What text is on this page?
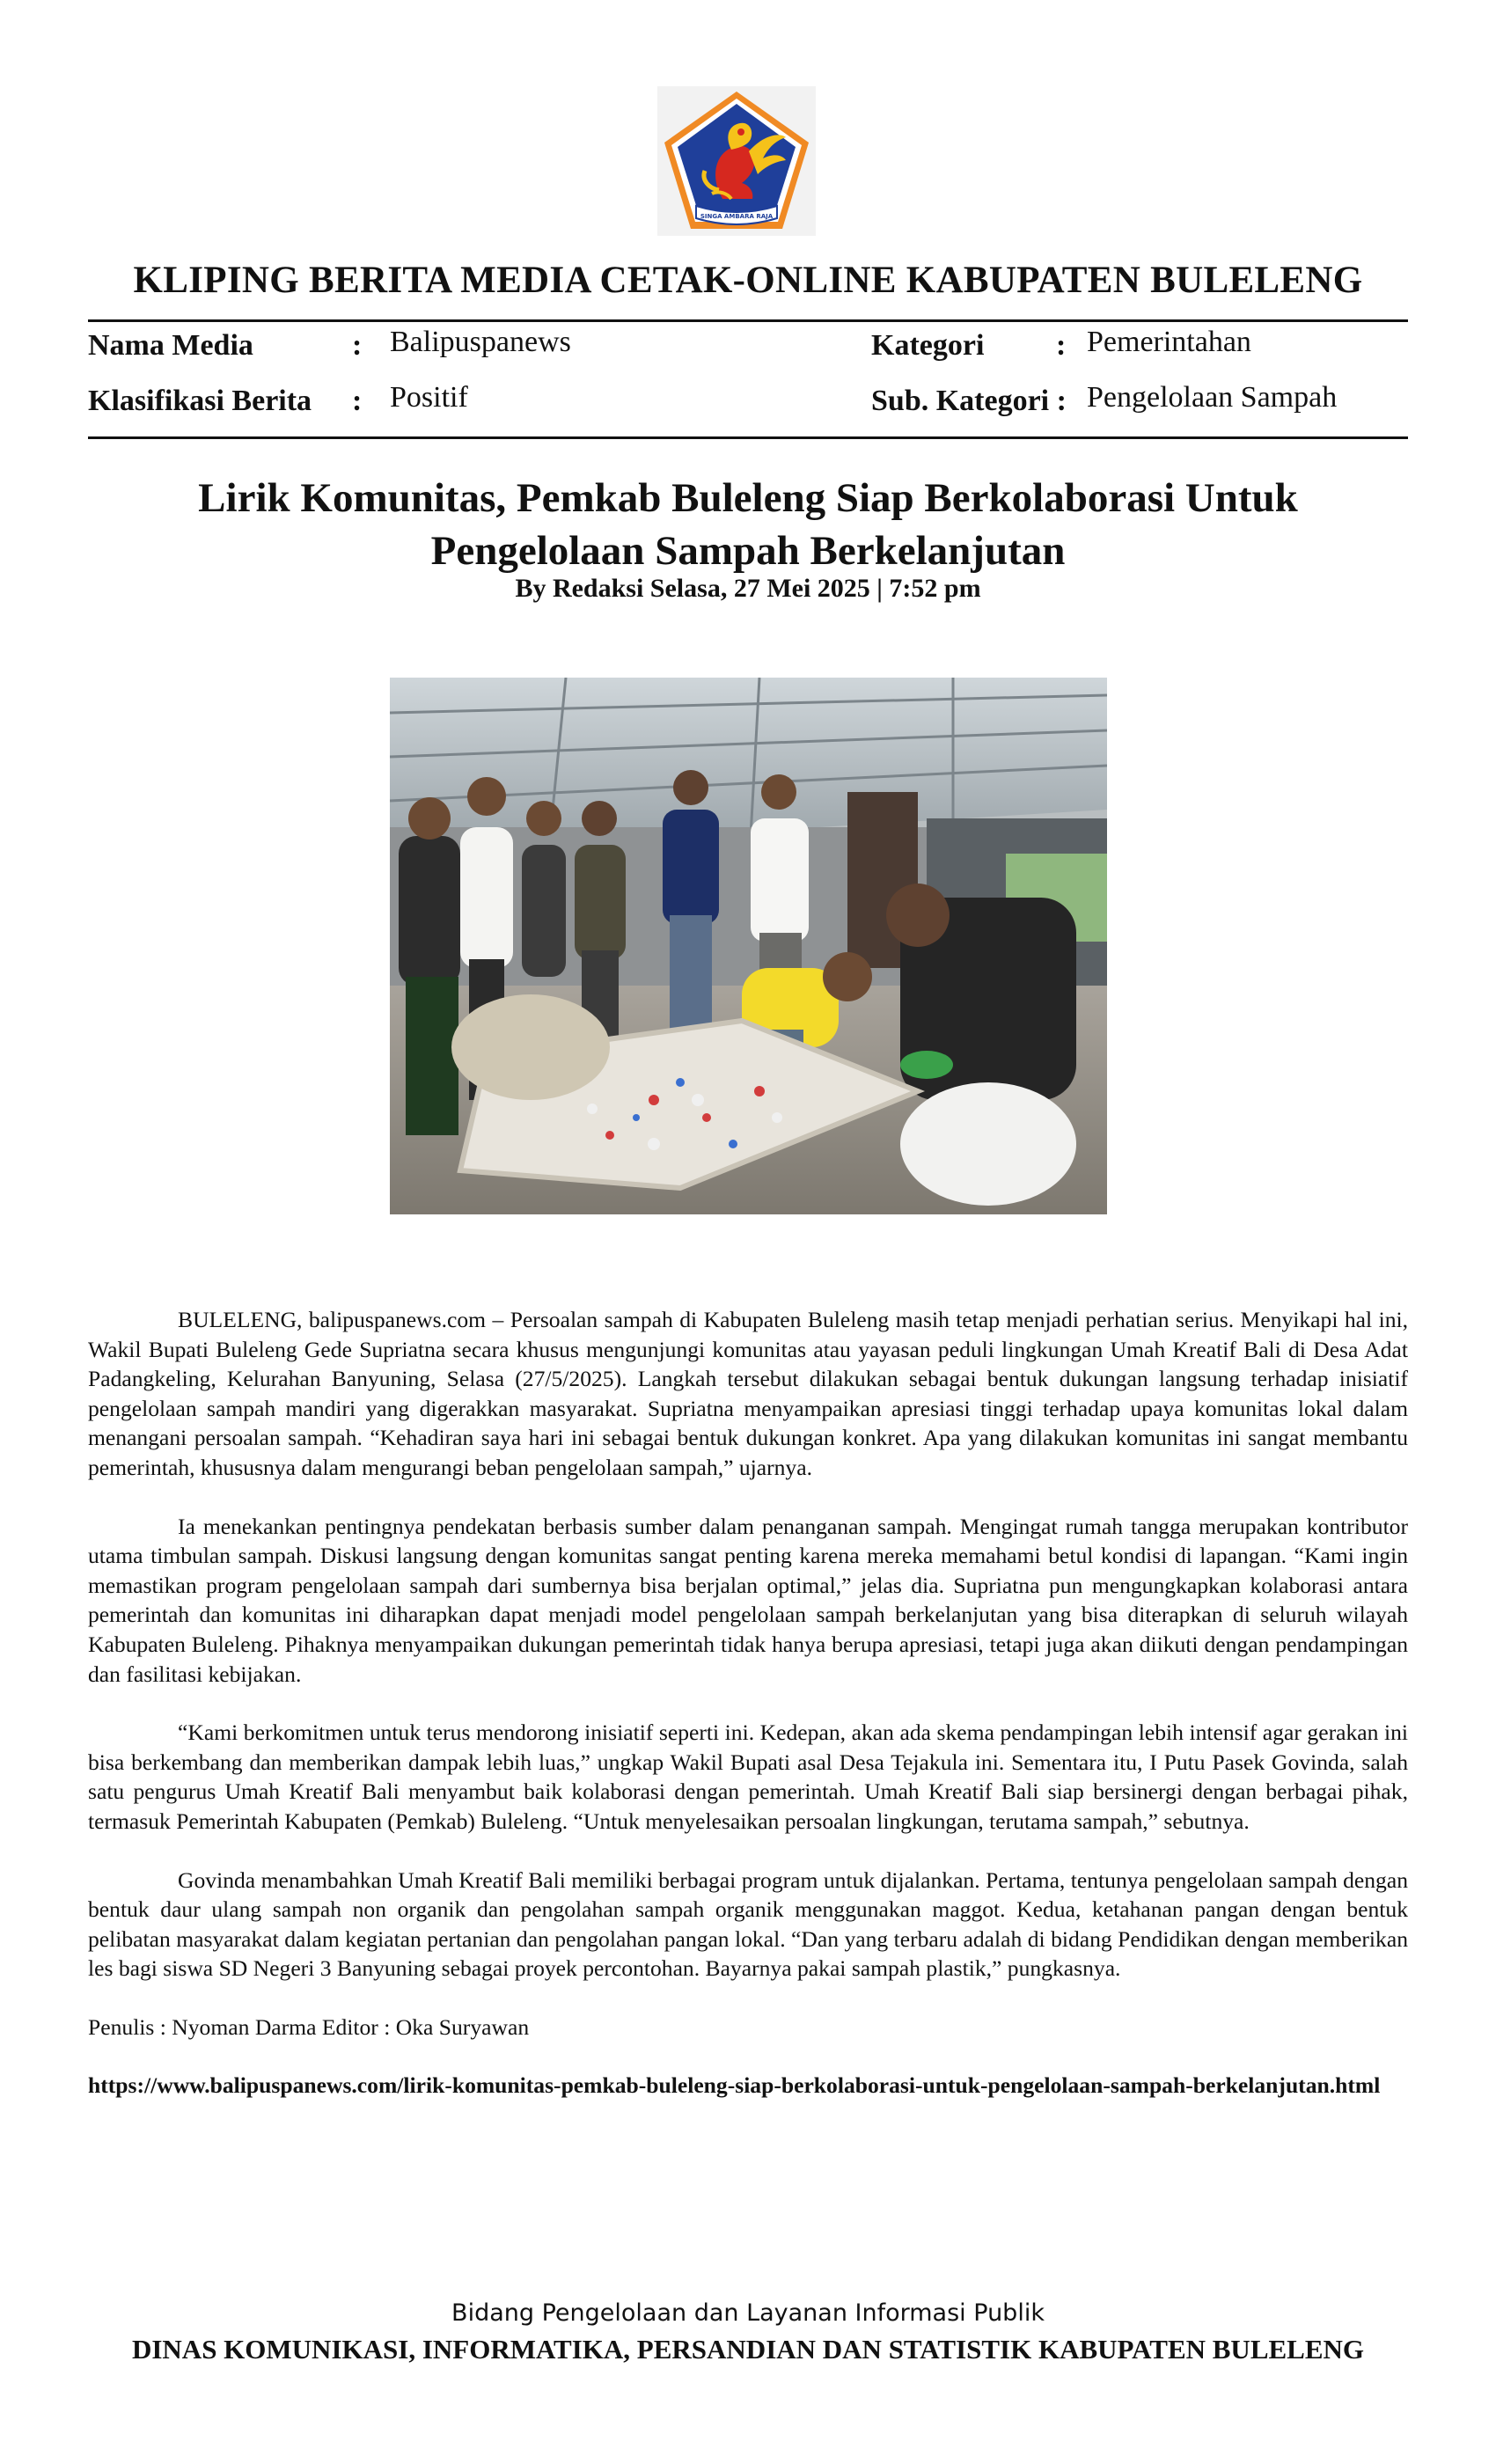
SINGA AMBARA RAJA
KLIPING BERITA MEDIA CETAK-ONLINE KABUPATEN BULELENG
Nama Media	: Balipuspanews	Kategori : Pemerintahan
Klasifikasi Berita : Positif	Sub. Kategori : Pengelolaan Sampah
Lirik Komunitas, Pemkab Buleleng Siap Berkolaborasi Untuk Pengelolaan Sampah Berkelanjutan
By Redaksi Selasa, 27 Mei 2025 | 7:52 pm

BULELENG, balipuspanews.com – Persoalan sampah di Kabupaten Buleleng masih tetap menjadi perhatian serius. Menyikapi hal ini, Wakil Bupati Buleleng Gede Supriatna secara khusus mengunjungi komunitas atau yayasan peduli lingkungan Umah Kreatif Bali di Desa Adat Padangkeling, Kelurahan Banyuning, Selasa (27/5/2025). Langkah tersebut dilakukan sebagai bentuk dukungan langsung terhadap inisiatif pengelolaan sampah mandiri yang digerakkan masyarakat. Supriatna menyampaikan apresiasi tinggi terhadap upaya komunitas lokal dalam menangani persoalan sampah. “Kehadiran saya hari ini sebagai bentuk dukungan konkret. Apa yang dilakukan komunitas ini sangat membantu pemerintah, khususnya dalam mengurangi beban pengelolaan sampah,” ujarnya.

Ia menekankan pentingnya pendekatan berbasis sumber dalam penanganan sampah. Mengingat rumah tangga merupakan kontributor utama timbulan sampah. Diskusi langsung dengan komunitas sangat penting karena mereka memahami betul kondisi di lapangan. “Kami ingin memastikan program pengelolaan sampah dari sumbernya bisa berjalan optimal,” jelas dia. Supriatna pun mengungkapkan kolaborasi antara pemerintah dan komunitas ini diharapkan dapat menjadi model pengelolaan sampah berkelanjutan yang bisa diterapkan di seluruh wilayah Kabupaten Buleleng. Pihaknya menyampaikan dukungan pemerintah tidak hanya berupa apresiasi, tetapi juga akan diikuti dengan pendampingan dan fasilitasi kebijakan.

“Kami berkomitmen untuk terus mendorong inisiatif seperti ini. Kedepan, akan ada skema pendampingan lebih intensif agar gerakan ini bisa berkembang dan memberikan dampak lebih luas,” ungkap Wakil Bupati asal Desa Tejakula ini. Sementara itu, I Putu Pasek Govinda, salah satu pengurus Umah Kreatif Bali menyambut baik kolaborasi dengan pemerintah. Umah Kreatif Bali siap bersinergi dengan berbagai pihak, termasuk Pemerintah Kabupaten (Pemkab) Buleleng. “Untuk menyelesaikan persoalan lingkungan, terutama sampah,” sebutnya.

Govinda menambahkan Umah Kreatif Bali memiliki berbagai program untuk dijalankan. Pertama, tentunya pengelolaan sampah dengan bentuk daur ulang sampah non organik dan pengolahan sampah organik menggunakan maggot. Kedua, ketahanan pangan dengan bentuk pelibatan masyarakat dalam kegiatan pertanian dan pengolahan pangan lokal. “Dan yang terbaru adalah di bidang Pendidikan dengan memberikan les bagi siswa SD Negeri 3 Banyuning sebagai proyek percontohan. Bayarnya pakai sampah plastik,” pungkasnya.

Penulis : Nyoman Darma Editor : Oka Suryawan

https://www.balipuspanews.com/lirik-komunitas-pemkab-buleleng-siap-berkolaborasi-untuk-pengelolaan-sampah-berkelanjutan.html

Bidang Pengelolaan dan Layanan Informasi Publik
DINAS KOMUNIKASI, INFORMATIKA, PERSANDIAN DAN STATISTIK KABUPATEN BULELENG
